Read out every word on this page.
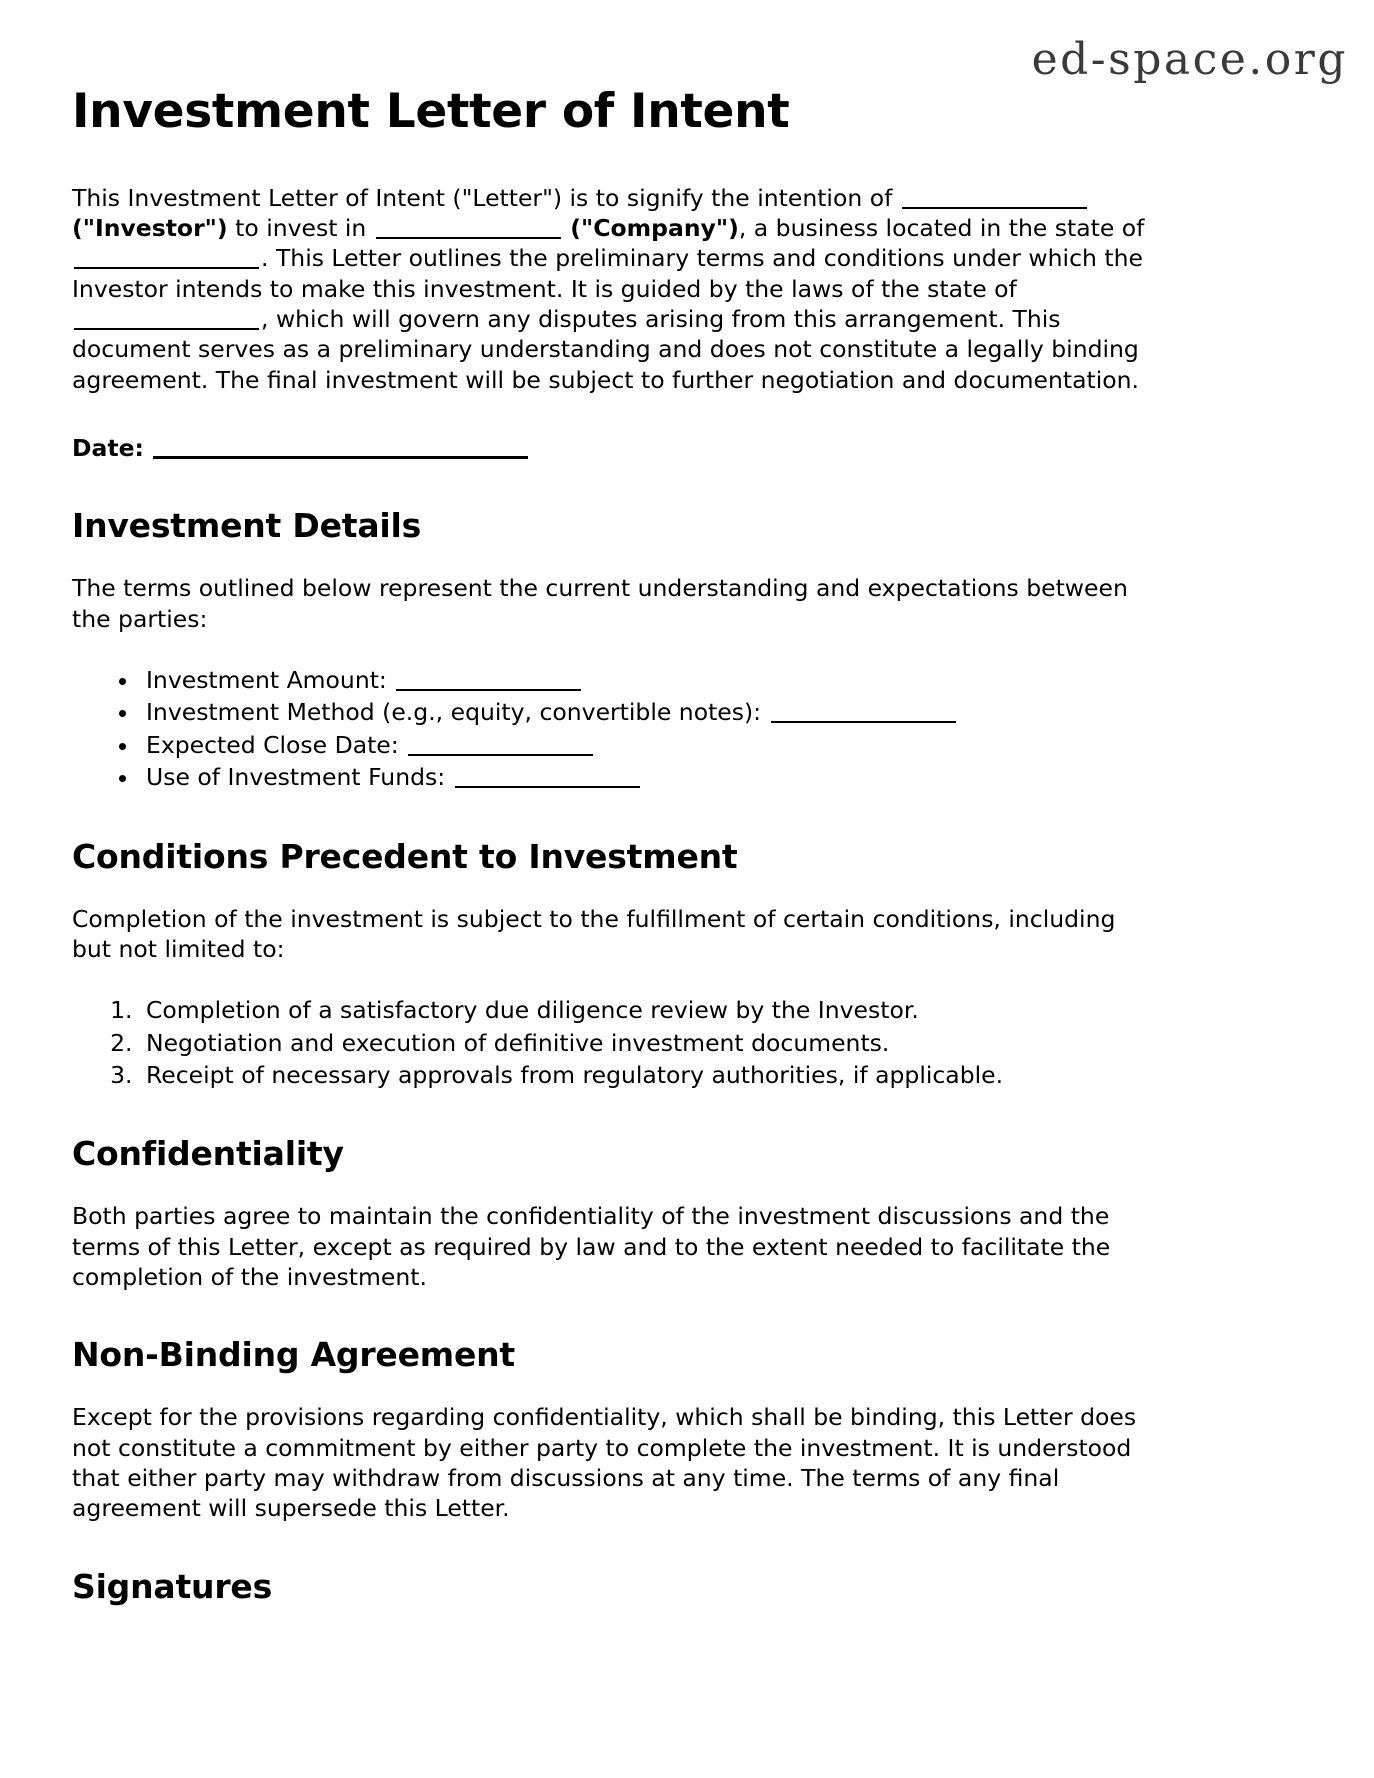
ed-space.org
Investment Letter of Intent

This Investment Letter of Intent ("Letter") is to signify the intention of  ("Investor") to invest in	("Company"), a business located in the state of . This Letter outlines the preliminary terms and conditions under which the Investor intends to make this investment. It is guided by the laws of the state of , which will govern any disputes arising from this arrangement. This document serves as a preliminary understanding and does not constitute a legally binding agreement. The final investment will be subject to further negotiation and documentation.

Date:

Investment Details

The terms outlined below represent the current understanding and expectations between the parties:

• Investment Amount:
• Investment Method (e.g., equity, convertible notes):
• Expected Close Date:
• Use of Investment Funds:
Conditions Precedent to Investment

Completion of the investment is subject to the fulfillment of certain conditions, including but not limited to:

1. Completion of a satisfactory due diligence review by the Investor.
2. Negotiation and execution of definitive investment documents.
3. Receipt of necessary approvals from regulatory authorities, if applicable.
Confidentiality

Both parties agree to maintain the confidentiality of the investment discussions and the terms of this Letter, except as required by law and to the extent needed to facilitate the completion of the investment.

Non-Binding Agreement

Except for the provisions regarding confidentiality, which shall be binding, this Letter does not constitute a commitment by either party to complete the investment. It is understood that either party may withdraw from discussions at any time. The terms of any final agreement will supersede this Letter.

Signatures
